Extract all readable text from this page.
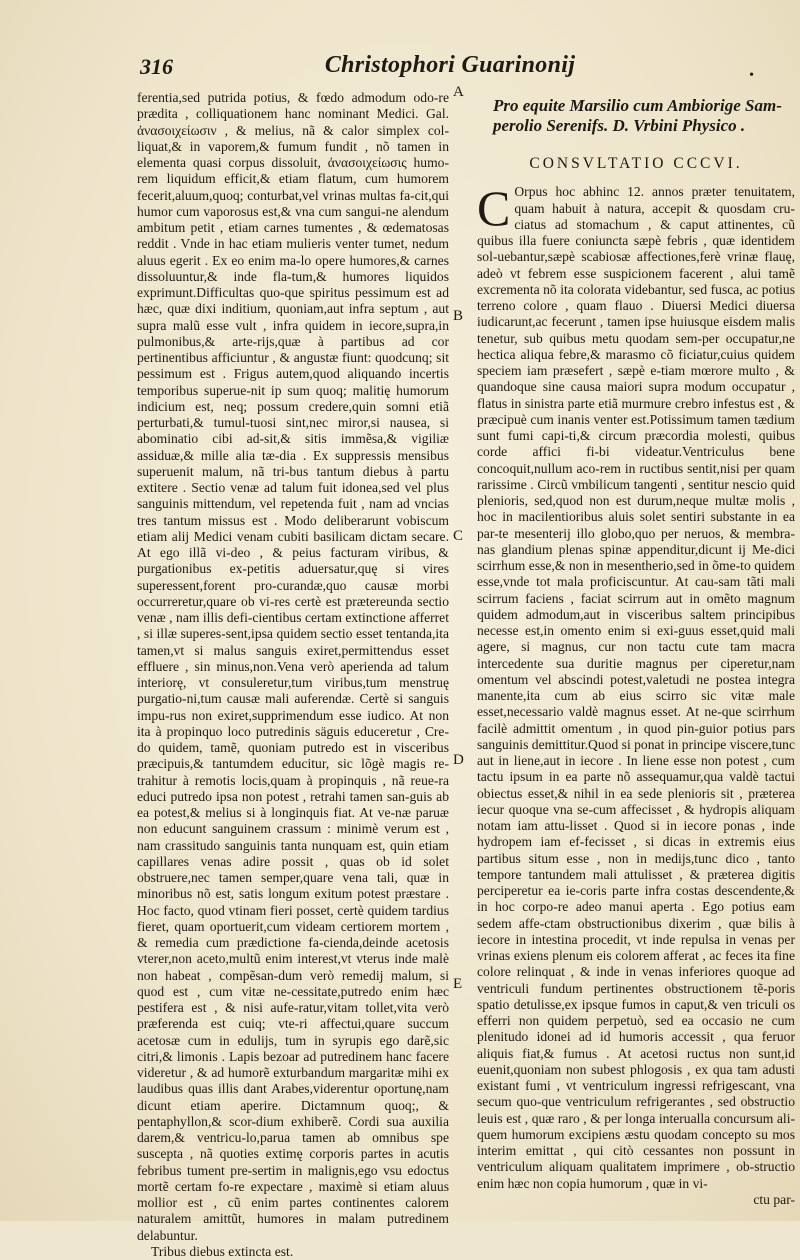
316	Christophori Guarinonij	•

ferentia,sed putrida potius, & fœdo admodum odo-re prædita , colliquationem hanc nominant Medici. Gal. ἀνασοιχείωσιν , & melius, nã & calor simplex col-liquat,& in vaporem,& fumum fundit , nõ tamen in elementa quasi corpus dissoluit, ἀνασοιχείωσις humo-rem liquidum efficit,& etiam flatum, cum humorem fecerit,aluum,quoq; conturbat,vel vrinas multas fa-cit,qui humor cum vaporosus est,& vna cum sangui-ne alendum ambitum petit , etiam carnes tumentes , & œdematosas reddit . Vnde in hac etiam mulieris venter tumet, nedum aluus egerit . Ex eo enim ma-lo opere humores,& carnes dissoluuntur,& inde fla-tum,& humores liquidos exprimunt.Difficultas quo-que spiritus pessimum est ad hæc, quæ dixi inditium, quoniam,aut infra septum , aut supra malũ esse vult , infra quidem in iecore,supra,in pulmonibus,& arte-rijs,quæ à partibus ad cor pertinentibus afficiuntur , & angustæ fiunt: quodcunq; sit pessimum est . Frigus autem,quod aliquando incertis temporibus superue-nit ip sum quoq; malitię humorum indicium est, neq; possum credere,quin somni etiã perturbati,& tumul-tuosi sint,nec miror,si nausea, si abominatio cibi ad-sit,& sitis immẽsa,& vigiliæ assiduæ,& mille alia tæ-dia . Ex suppressis mensibus superuenit malum, nã tri-bus tantum diebus à partu extitere . Sectio venæ ad talum fuit idonea,sed vel plus sanguinis mittendum, vel repetenda fuit , nam ad vncias tres tantum missus est . Modo deliberarunt vobiscum etiam alij Medici venam cubiti basilicam dictam secare. At ego illã vi-deo , & peius facturam viribus, & purgationibus ex-petitis aduersatur,quę si vires superessent,forent pro-curandæ,quo causæ morbi occurreretur,quare ob vi-res certè est prætereunda sectio venæ , nam illis defi-cientibus certam extinctione afferret , si illæ superes-sent,ipsa quidem sectio esset tentanda,ita tamen,vt si malus sanguis exiret,permittendus esset effluere , sin minus,non.Vena verò aperienda ad talum interiorę, vt consuleretur,tum viribus,tum menstruę purgatio-ni,tum causæ mali auferendæ. Certè si sanguis impu-rus non exiret,supprimendum esse iudico. At non ita à propinquo loco putredinis säguis educeretur , Cre-do quidem, tamẽ, quoniam putredo est in visceribus præcipuis,& tantumdem educitur, sic lõgè magis re-trahitur à remotis locis,quam à propinquis , nã reue-ra educi putredo ipsa non potest , retrahi tamen san-guis ab ea potest,& melius si à longinquis fiat. At ve-næ paruæ non educunt sanguinem crassum : minimè verum est , nam crassitudo sanguinis tanta nunquam est, quin etiam capillares venas adire possit , quas ob id solet obstruere,nec tamen semper,quare vena tali, quæ in minoribus nõ est, satis longum exitum potest præstare . Hoc facto, quod vtinam fieri posset, certè quidem tardius fieret, quam oportuerit,cum videam certiorem mortem , & remedia cum prædictione fa-cienda,deinde acetosis vterer,non aceto,multũ enim interest,vt vterus inde malè non habeat , compẽsan-dum verò remedij malum, si quod est , cum vitæ ne-cessitate,putredo enim hæc pestifera est , & nisi aufe-ratur,vitam tollet,vita verò præferenda est cuiq; vte-ri affectui,quare succum acetosæ cum in edulijs, tum in syrupis ego darẽ,sic citri,& limonis . Lapis bezoar ad putredinem hanc facere videretur , & ad humorẽ exturbandum margaritæ mihi ex laudibus quas illis dant Arabes,viderentur oportunę,nam dicunt etiam aperire. Dictamnum quoq;, & pentaphyllon,& scor-dium exhiberẽ. Cordi sua auxilia darem,& ventricu-lo,parua tamen ab omnibus spe suscepta , nã quoties extimę corporis partes in acutis febribus tument pre-sertim in malignis,ego vsu edoctus mortẽ certam fo-re expectare , maximè si etiam aluus mollior est , cũ enim partes continentes calorem naturalem amittũt, humores in malam putredinem delabuntur.

Tribus diebus extincta est.

A
B
C
D
E
Pro equite Marsilio cum Ambiorige Sam-perolio Serenifs. D. Vrbini Physico .
CONSVLTATIO CCCVI.

C Orpus hoc abhinc 12. annos præter tenuitatem, quam habuit à natura, accepit & quosdam cru-ciatus ad stomachum , & caput attinentes, cũ quibus illa fuere coniuncta sæpè febris , quæ identidem sol-uebantur,sæpè scabiosæ affectiones,ferè vrinæ flauę, adeò vt febrem esse suspicionem facerent , alui tamẽ excrementa nõ ita colorata videbantur, sed fusca, ac potius terreno colore , quam flauo . Diuersi Medici diuersa iudicarunt,ac fecerunt , tamen ipse huiusque eisdem malis tenetur, sub quibus metu quodam sem-per occupatur,ne hectica aliqua febre,& marasmo cõ ficiatur,cuius quidem speciem iam præsefert , sæpè e-tiam mœrore multo , & quandoque sine causa maiori supra modum occupatur , flatus in sinistra parte etiã murmure crebro infestus est , & præcipuè cum inanis venter est.Potissimum tamen tædium sunt fumi capi-ti,& circum præcordia molesti, quibus corde affici fi-bi videatur.Ventriculus bene concoquit,nullum aco-rem in ructibus sentit,nisi per quam rarissime . Circũ vmbilicum tangenti , sentitur nescio quid plenioris, sed,quod non est durum,neque multæ molis , hoc in macilentioribus aluis solet sentiri substante in ea par-te mesenterij illo globo,quo per neruos, & membra-nas glandium plenas spinæ appenditur,dicunt ij Me-dici scirrhum esse,& non in mesentherio,sed in õme-to quidem esse,vnde tot mala proficiscuntur. At cau-sam tãti mali scirrum faciens , faciat scirrum aut in omẽto magnum quidem admodum,aut in visceribus saltem principibus necesse est,in omento enim si exi-guus esset,quid mali agere, si magnus, cur non tactu cute tam macra intercedente sua duritie magnus per ciperetur,nam omentum vel abscindi potest,valetudi ne postea integra manente,ita cum ab eius scirro sic vitæ male esset,necessario valdè magnus esset. At ne-que scirrhum facilè admittit omentum , in quod pin-guior potius pars sanguinis demittitur.Quod si ponat in principe viscere,tunc aut in liene,aut in iecore . In liene esse non potest , cum tactu ipsum in ea parte nõ assequamur,qua valdè tactui obiectus esset,& nihil in ea sede plenioris sit , præterea iecur quoque vna se-cum affecisset , & hydropis aliquam notam iam attu-lisset . Quod si in iecore ponas , inde hydropem iam ef-fecisset , si dicas in extremis eius partibus situm esse , non in medijs,tunc dico , tanto tempore tantundem mali attulisset , & præterea digitis perciperetur ea ie-coris parte infra costas descendente,& in hoc corpo-re adeo manui aperta . Ego potius eam sedem affe-ctam obstructionibus dixerim , quæ bilis à iecore in intestina procedit, vt inde repulsa in venas per vrinas exiens plenum eis colorem afferat , ac feces ita fine colore relinquat , & inde in venas inferiores quoque ad ventriculi fundum pertinentes obstructionem tẽ-poris spatio detulisse,ex ipsque fumos in caput,& ven triculi os efferri non quidem perpetuò, sed ea occasio ne cum plenitudo idonei ad id humoris accessit , qua feruor aliquis fiat,& fumus . At acetosi ructus non sunt,id euenit,quoniam non subest phlogosis , ex qua tam adusti existant fumi , vt ventriculum ingressi refrigescant, vna secum quo-que ventriculum refrigerantes , sed obstructio leuis est , quæ raro , & per longa interualla concursum ali-quem humorum excipiens æstu quodam concepto su mos interim emittat , qui citò cessantes non possunt in ventriculum aliquam qualitatem imprimere , ob-structio enim hæc non copia humorum , quæ in vi-

ctu par-
